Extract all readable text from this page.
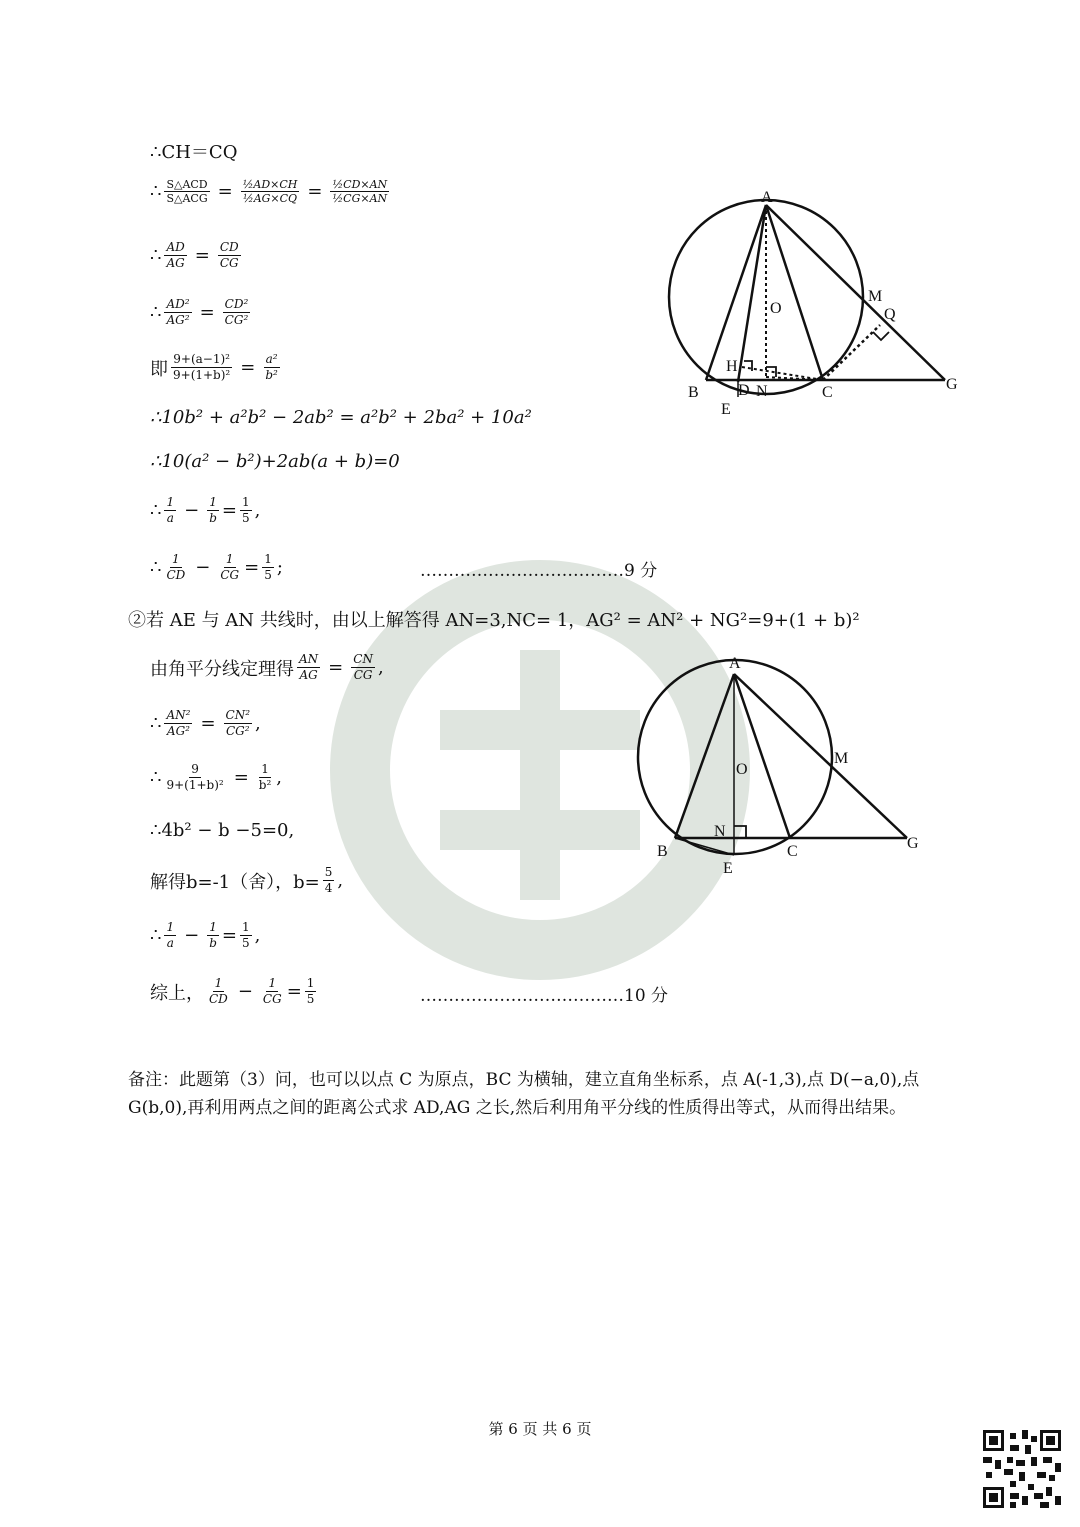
∴CH＝CQ
∴ $\frac{\text{S△ACD}}{\text{S△ACG}} = \frac{\text{½AD×CH}}{\text{½AG×CQ}} = \frac{\text{½CD×AN}}{\text{½CG×AN}}$
∴ $\frac{AD}{AG} = \frac{CD}{CG}$
∴ $\frac{\text{AD²}}{\text{AG²}} = \frac{\text{CD²}}{\text{CG²}}$
即 $\frac{\text{9+(a−1)²}}{\text{9+(1+b)²}} = \frac{\text{a²}}{\text{b²}}$
∴10b² + a²b² − 2ab² = a²b² + 2ba² + 10a²
∴10(a² − b²)+2ab(a + b)=0
∴ $\frac{1}{a} - \frac{1}{b} = \frac{1}{5}$ ,
∴ $\frac{1}{CD} - \frac{1}{CG} = \frac{1}{5}$ ;	………………………………9 分
②若 AE 与 AN 共线时，由以上解答得 AN=3,NC= 1，AG² = AN² + NG²=9+(1 + b)²
由角平分线定理得 $\frac{AN}{AG} = \frac{CN}{CG}$ ,
∴ $\frac{\text{AN²}}{\text{AG²}} = \frac{\text{CN²}}{\text{CG²}}$ ,
∴ $\frac{9}{\text{9+(1+b)²}} = \frac{1}{\text{b²}}$ ,
∴4b² − b −5=0,
解得b=-1（舍），$b= \frac{5}{4}$ ,
∴ $\frac{1}{a} - \frac{1}{b} = \frac{1}{5}$ ,
综上， $\frac{1}{CD} - \frac{1}{CG} = \frac{1}{5}$	………………………………10 分
A
O
M
Q
H
B D N	C	G
E
A
O
M
N
B
E
C	G
备注：此题第（3）问，也可以以点 C 为原点，BC 为横轴，建立直角坐标系，点 A(-1,3),点 D(−a,0),点 G(b,0),再利用两点之间的距离公式求 AD,AG 之长,然后利用角平分线的性质得出等式，从而得出结果。
第 6 页 共 6 页
